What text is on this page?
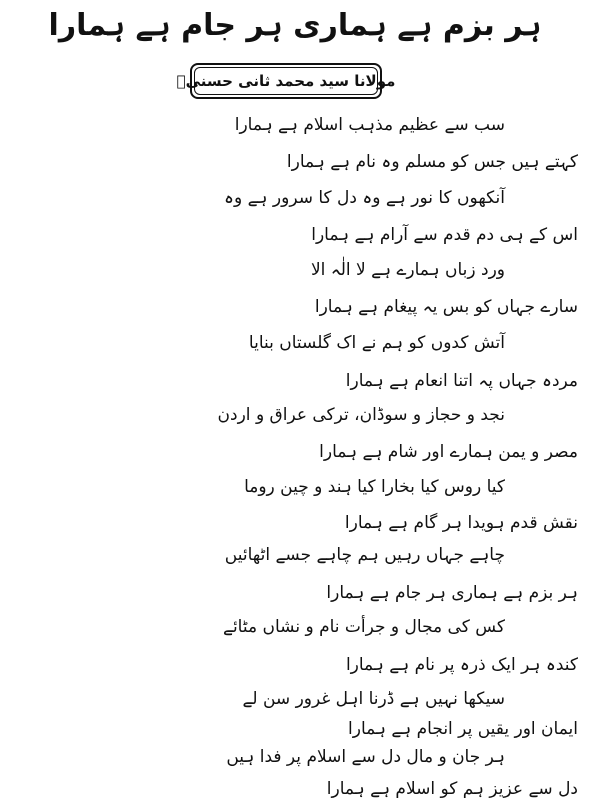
ہر بزم ہے ہماری ہر جام ہے ہمارا
مولانا سید محمد ثانی حسنیؒ
سب سے عظیم مذہب اسلام ہے ہمارا
کہتے ہیں جس کو مسلم وہ نام ہے ہمارا
آنکھوں کا نور ہے وہ دل کا سرور ہے وہ
اس کے ہی دم قدم سے آرام ہے ہمارا
ورد زباں ہمارے ہے لا الٰہ الا
سارے جہاں کو بس یہ پیغام ہے ہمارا
آتش کدوں کو ہم نے اک گلستاں بنایا
مردہ جہاں پہ اتنا انعام ہے ہمارا
نجد و حجاز و سوڈان، ترکی عراق و اردن
مصر و یمن ہمارے اور شام ہے ہمارا
کیا روس کیا بخارا کیا ہند و چین روما
نقش قدم ہویدا ہر گام ہے ہمارا
چاہے جہاں رہیں ہم چاہے جسے اٹھائیں
ہر بزم ہے ہماری ہر جام ہے ہمارا
کس کی مجال و جرأت نام و نشاں مٹائے
کندہ ہر ایک ذرہ پر نام ہے ہمارا
سیکھا نہیں ہے ڈرنا اہل غرور سن لے
ایمان اور یقیں پر انجام ہے ہمارا
ہر جان و مال دل سے اسلام پر فدا ہیں
دل سے عزیز ہم کو اسلام ہے ہمارا
